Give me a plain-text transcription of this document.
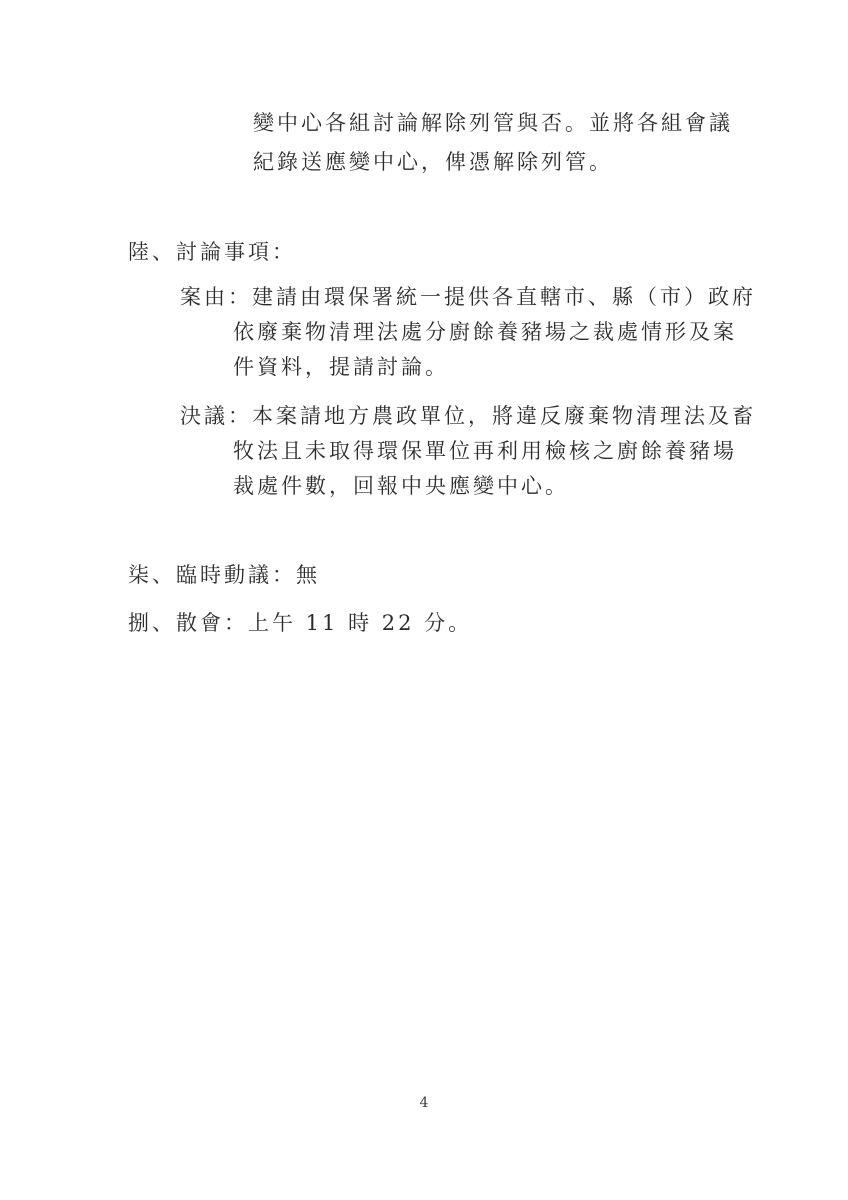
變中心各組討論解除列管與否。並將各組會議
紀錄送應變中心，俾憑解除列管。
陸、討論事項：
案由：建請由環保署統一提供各直轄市、縣（市）政府
依廢棄物清理法處分廚餘養豬場之裁處情形及案
件資料，提請討論。
決議：本案請地方農政單位，將違反廢棄物清理法及畜
牧法且未取得環保單位再利用檢核之廚餘養豬場
裁處件數，回報中央應變中心。
柒、臨時動議：無
捌、散會：上午 11 時 22 分。
4
